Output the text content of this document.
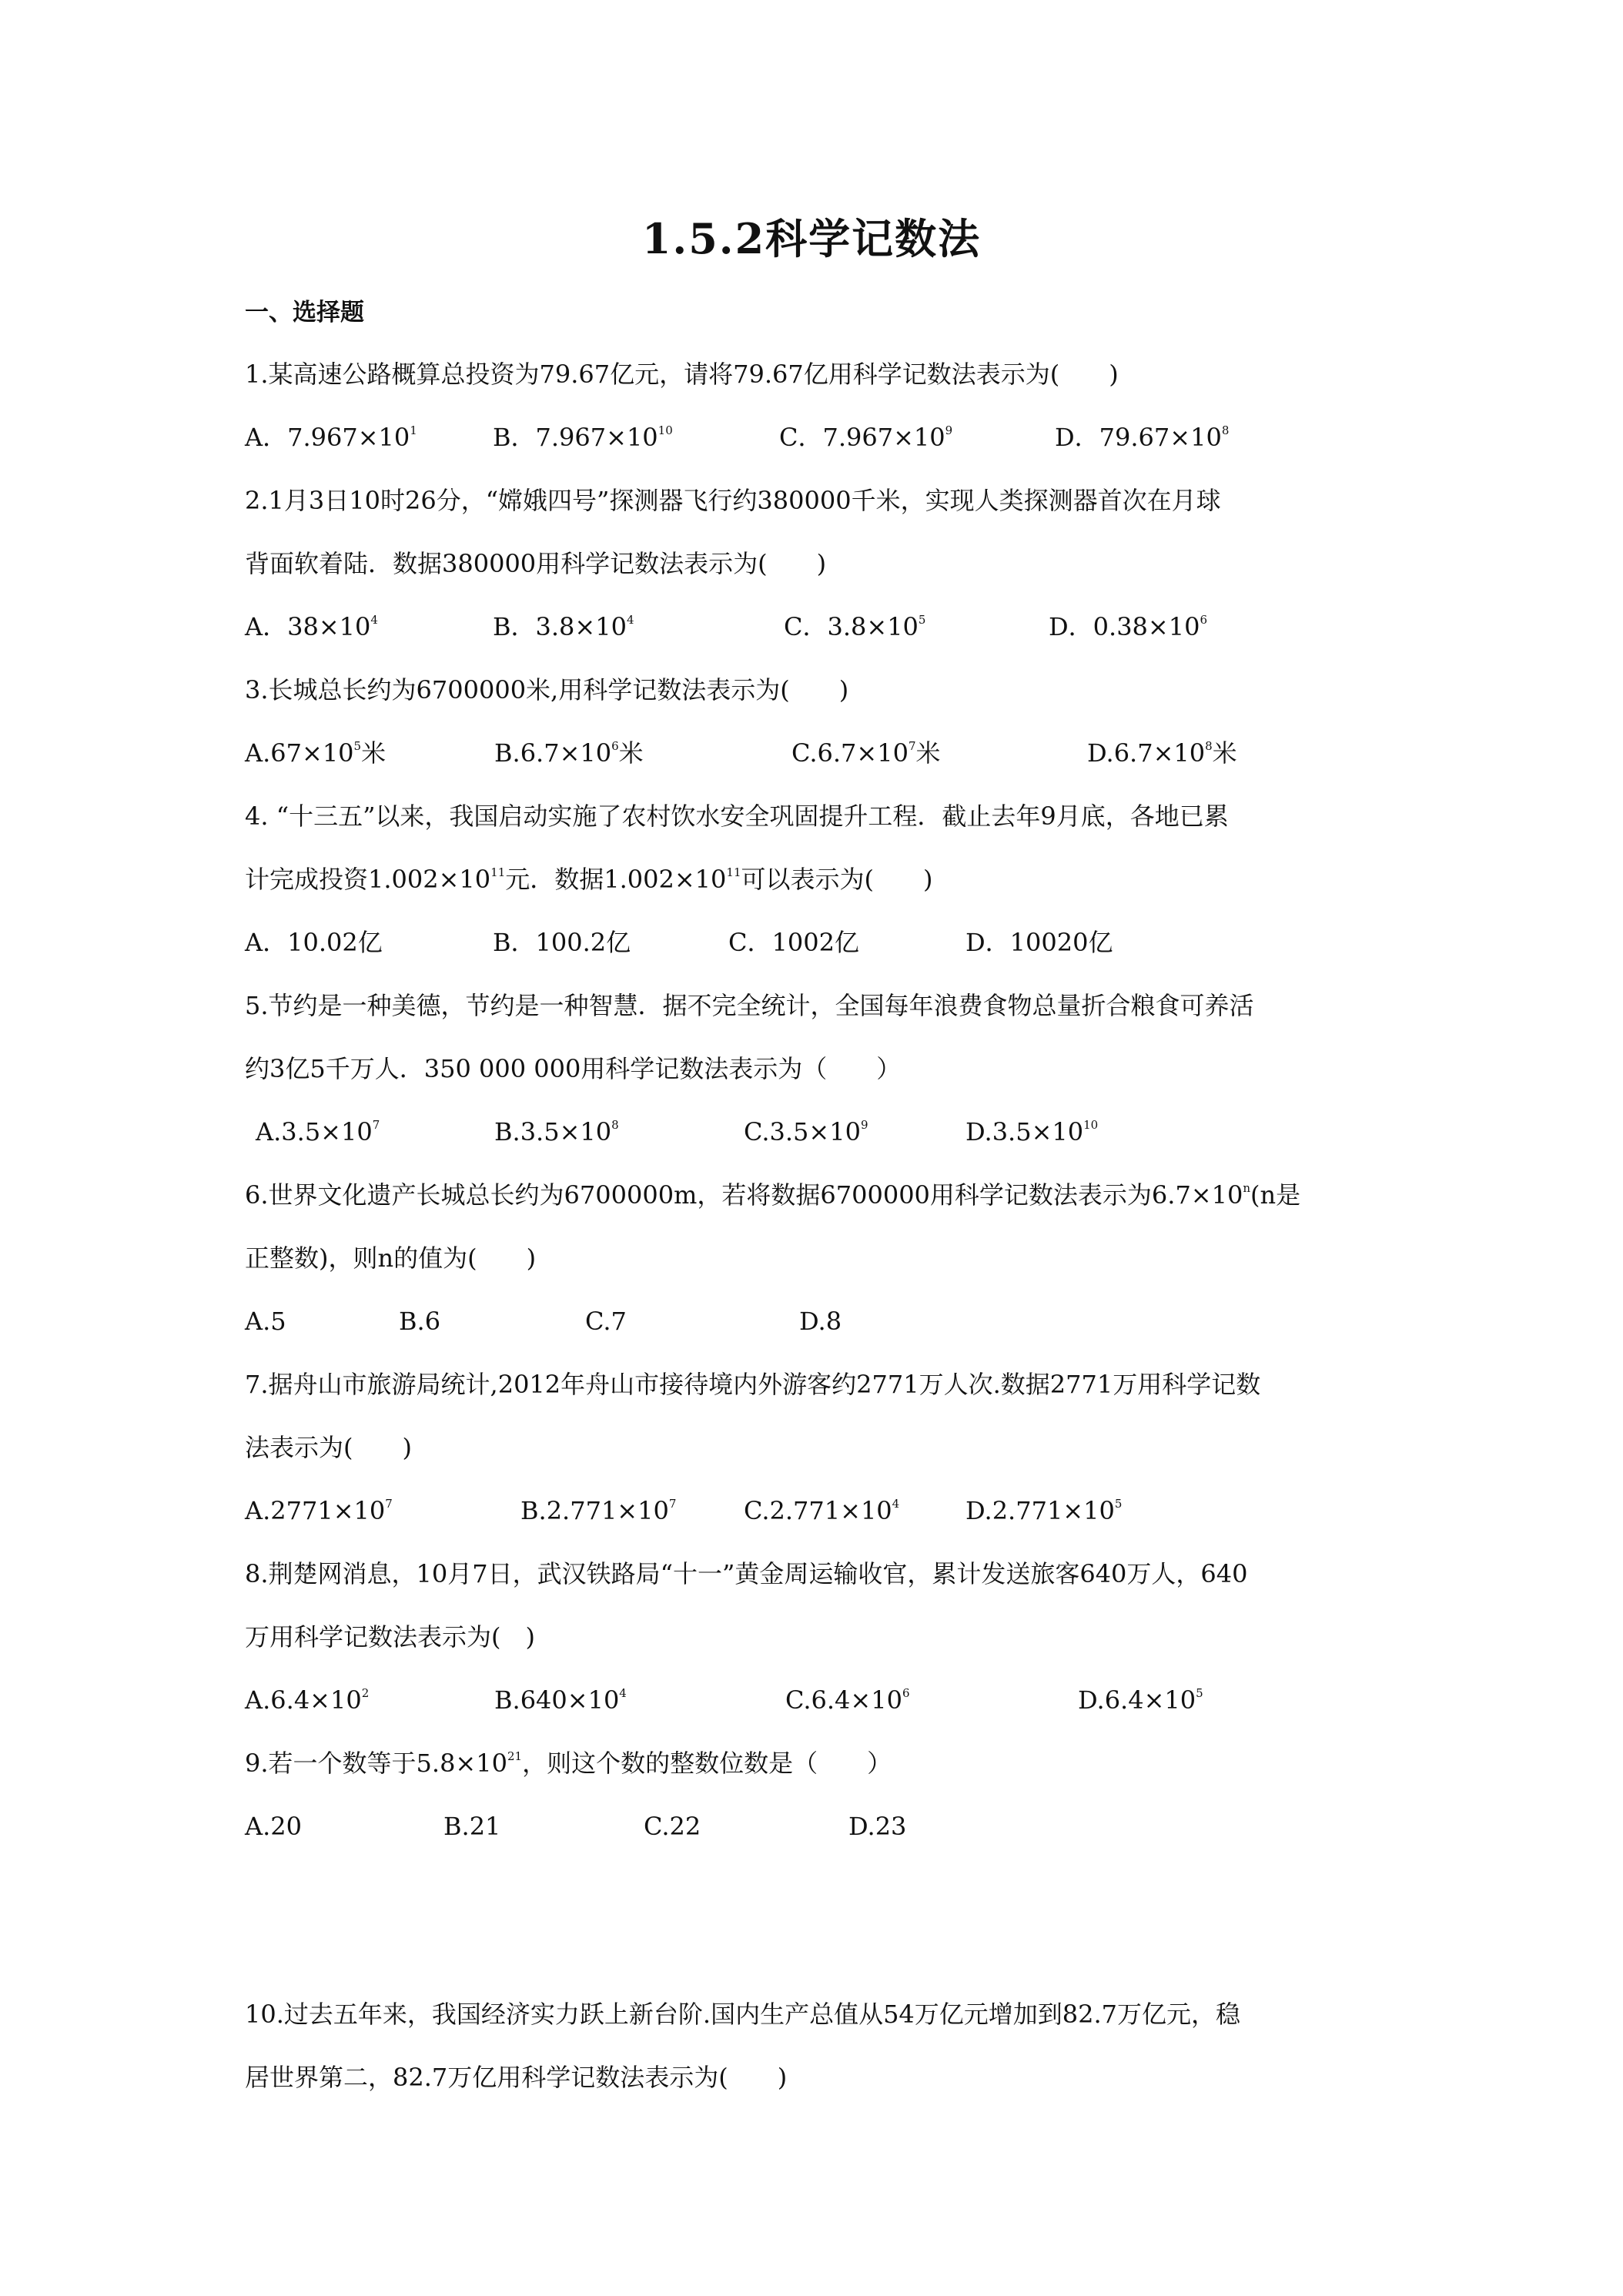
1.5.2科学记数法
一、选择题
1.某高速公路概算总投资为79.67亿元，请将79.67亿用科学记数法表示为(　　)
A．$7.967\times 10^1$	B．$7.967\times 10^{10}$	C．$7.967\times 10^9$	D．$79.67\times 10^8$
2.1月3日10时26分，“嫦娥四号”探测器飞行约380000千米，实现人类探测器首次在月球
背面软着陆．数据380000用科学记数法表示为(　　)
A．$38\times 10^4$	B．$3.8\times 10^4$	C．$3.8\times 10^5$	D．$0.38\times 10^6$
3.长城总长约为6700000米,用科学记数法表示为(　　)
$A.67\times 10^5$米	$B.6.7\times 10^6$米	$C.6.7\times 10^7$米	$D.6.7\times 10^8$米
4. “十三五”以来，我国启动实施了农村饮水安全巩固提升工程．截止去年9月底，各地已累
计完成投资$1.002\times 10^{11}$元．数据$1.002\times 10^{11}$可以表示为(　　)
A．10.02亿	B．100.2亿	C．1002亿	D．10020亿
5.节约是一种美德，节约是一种智慧．据不完全统计，全国每年浪费食物总量折合粮食可养活
约3亿5千万人．350 000 000用科学记数法表示为（　　）
$A.3.5\times 10^7$	$B.3.5\times 10^8$	$C.3.5\times 10^9$	$D.3.5\times 10^{10}$
6.世界文化遗产长城总长约为6700000m，若将数据6700000用科学记数法表示为$6.7\times 10^n(n$是
正整数)，则n的值为(　　)
A.5	B.6	C.7	D.8
7.据舟山市旅游局统计,2012年舟山市接待境内外游客约2771万人次.数据2771万用科学记数
法表示为(　　)
$A.2771\times 10^7$	$B.2.771\times 10^7$	$C.2.771\times 10^4$	$D.2.771\times 10^5$
8.荆楚网消息，10月7日，武汉铁路局“十一”黄金周运输收官，累计发送旅客640万人，640
万用科学记数法表示为(　)
$A.6.4\times 10^2$	$B.640\times 10^4$	$C.6.4\times 10^6$	$D.6.4\times 10^5$
9.若一个数等于$5.8\times 10^{21}$，则这个数的整数位数是（　　）
A.20	B.21	C.22	D.23
10.过去五年来，我国经济实力跃上新台阶.国内生产总值从54万亿元增加到82.7万亿元，稳
居世界第二，82.7万亿用科学记数法表示为(　　)
